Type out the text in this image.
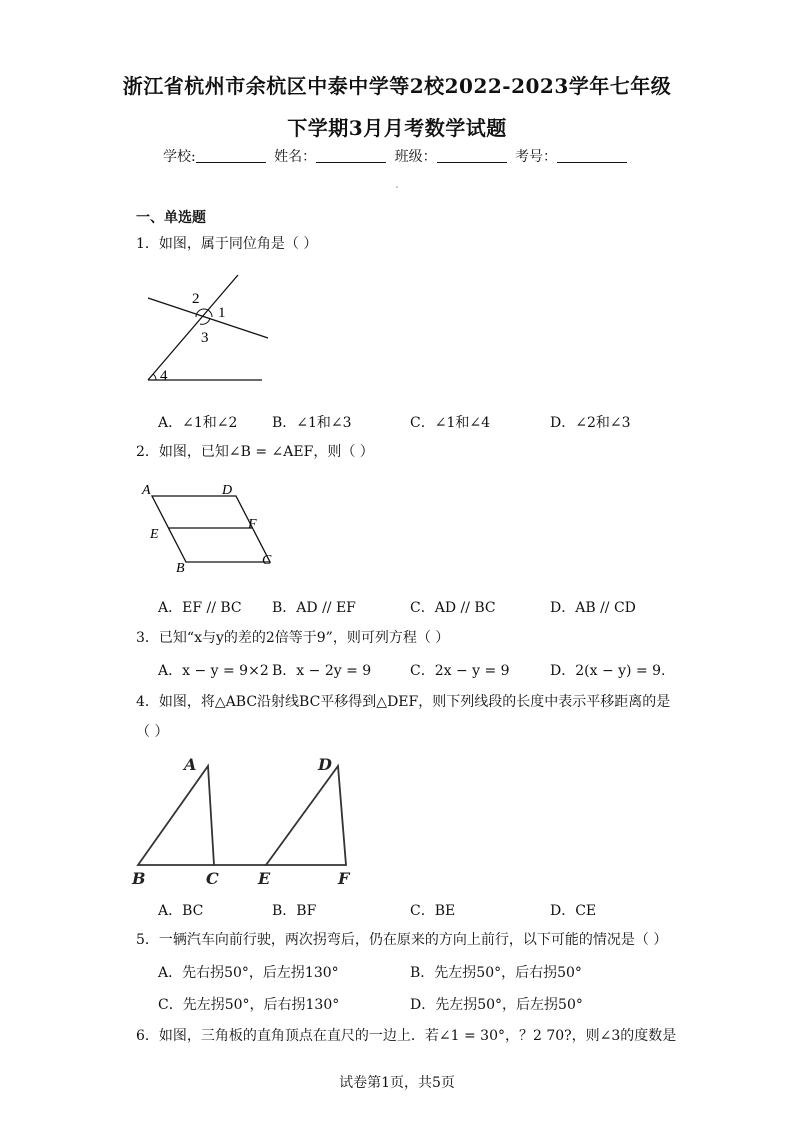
浙江省杭州市余杭区中泰中学等2校2022-2023学年七年级
下学期3月月考数学试题
学校:	姓名：	班级：	考号：
一、单选题
1．如图，属于同位角是（ ）
2
1
3
4
A．∠1和∠2 B．∠1和∠3	C．∠1和∠4	D．∠2和∠3
2．如图，已知∠B = ∠AEF，则（ ）
A	D
E
F
B
C
A．EF // BC B．AD // EF	C．AD // BC	D．AB // CD
3．已知“x与y的差的2倍等于9”，则可列方程（ ）
A．x − y = 9×2 B．x − 2y = 9	C．2x − y = 9	D．2(x − y) = 9.
4．如图，将△ABC沿射线BC平移得到△DEF，则下列线段的长度中表示平移距离的是
（ ）
A	D
B	C E	F
A．BC	B．BF	C．BE	D．CE
5．一辆汽车向前行驶，两次拐弯后，仍在原来的方向上前行，以下可能的情况是（ ）
A．先右拐50°，后左拐130°	B．先左拐50°，后右拐50°
C．先左拐50°，后右拐130°	D．先左拐50°，后左拐50°
6．如图，三角板的直角顶点在直尺的一边上．若∠1 = 30°，？2 70?，则∠3的度数是
试卷第1页，共5页
